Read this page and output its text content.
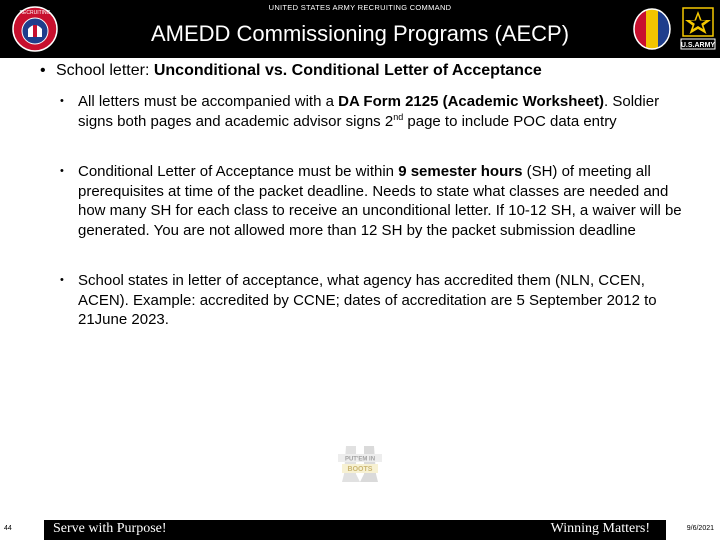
RECRUITING
UNITED STATES ARMY RECRUITING COMMAND
AMEDD Commissioning Programs (AECP)	U.S.ARMY
• School letter: Unconditional vs. Conditional Letter of Acceptance
• All letters must be accompanied with a DA Form 2125 (Academic Worksheet). Soldier signs both pages and academic advisor signs 2nd page to include POC data entry
• Conditional Letter of Acceptance must be within 9 semester hours (SH) of meeting all prerequisites at time of the packet deadline. Needs to state what classes are needed and how many SH for each class to receive an unconditional letter. If 10-12 SH, a waiver will be generated. You are not allowed more than 12 SH by the packet submission deadline
• School states in letter of acceptance, what agency has accredited them (NLN, CCEN, ACEN). Example: accredited by CCNE; dates of accreditation are 5 September 2012 to 21June 2023.
PUT'EM IN
BOOTS
44	Serve with Purpose!	Winning Matters!	9/6/2021
